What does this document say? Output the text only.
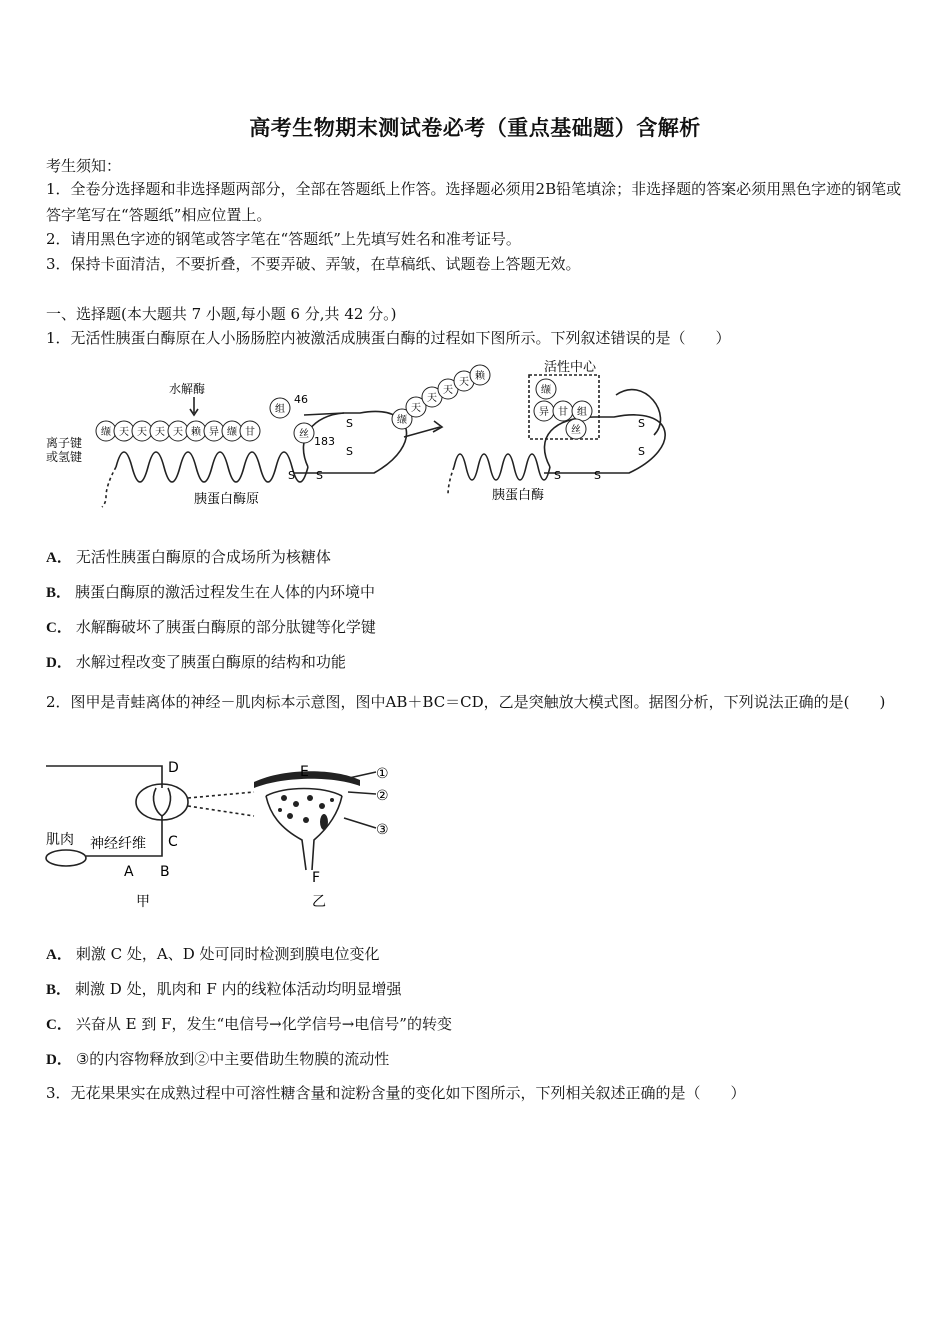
高考生物期末测试卷必考（重点基础题）含解析
考生须知：
1．全卷分选择题和非选择题两部分，全部在答题纸上作答。选择题必须用2B铅笔填涂；非选择题的答案必须用黑色字迹的钢笔或答字笔写在“答题纸”相应位置上。
2．请用黑色字迹的钢笔或答字笔在“答题纸”上先填写姓名和准考证号。
3．保持卡面清洁，不要折叠，不要弄破、弄皱，在草稿纸、试题卷上答题无效。
一、选择题(本大题共 7 小题,每小题 6 分,共 42 分。)
1．无活性胰蛋白酶原在人小肠肠腔内被激活成胰蛋白酶的过程如下图所示。下列叙述错误的是（　　）
水解酶
离子键
或氢键
缬 天 天 天 天 赖 异 缬 甘
组
丝
46
183
S
S
S S
S
S
S	S
胰蛋白酶原
缬
天
天
天
天
赖
活性中心
缬
异 甘 组
丝
胰蛋白酶
A． 无活性胰蛋白酶原的合成场所为核糖体
B． 胰蛋白酶原的激活过程发生在人体的内环境中
C． 水解酶破坏了胰蛋白酶原的部分肽键等化学键
D． 水解过程改变了胰蛋白酶原的结构和功能
2．图甲是青蛙离体的神经－肌肉标本示意图，图中AB＋BC＝CD，乙是突触放大模式图。据图分析，下列说法正确的是(　　)
D
C
A B
E
F
肌肉 神经纤维
甲	乙
①
②
③
A． 刺激 C 处，A、D 处可同时检测到膜电位变化
B． 刺激 D 处，肌肉和 F 内的线粒体活动均明显增强
C． 兴奋从 E 到 F，发生“电信号→化学信号→电信号”的转变
D． ③的内容物释放到②中主要借助生物膜的流动性
3．无花果果实在成熟过程中可溶性糖含量和淀粉含量的变化如下图所示，下列相关叙述正确的是（　　）
